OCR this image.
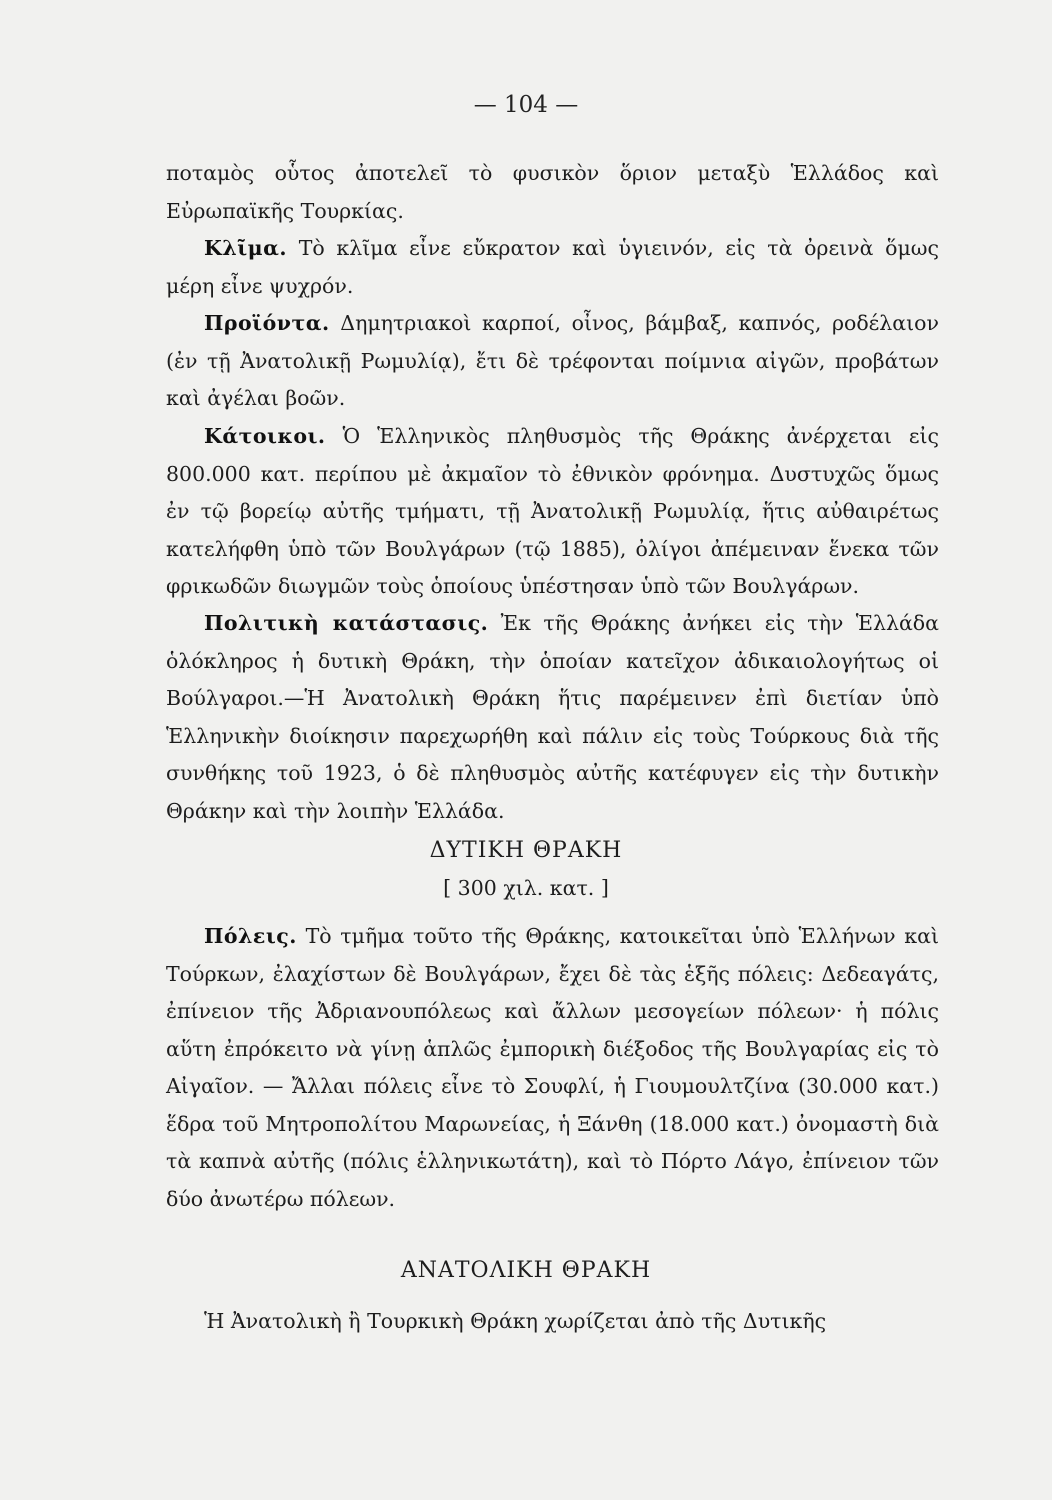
— 104 —

ποταμὸς οὗτος ἀποτελεῖ τὸ φυσικὸν ὅριον μεταξὺ Ἑλλάδος καὶ Εὐρωπαϊκῆς Τουρκίας.

Κλῖμα. Τὸ κλῖμα εἶνε εὔκρατον καὶ ὑγιεινόν, εἰς τὰ ὀρεινὰ ὅμως μέρη εἶνε ψυχρόν.

Προϊόντα. Δημητριακοὶ καρποί, οἶνος, βάμβαξ, καπνός, ροδέλαιον (ἐν τῇ Ἀνατολικῇ Ρωμυλίᾳ), ἔτι δὲ τρέφονται ποίμνια αἰγῶν, προβάτων καὶ ἀγέλαι βοῶν.

Κάτοικοι. Ὁ Ἑλληνικὸς πληθυσμὸς τῆς Θράκης ἀνέρχεται εἰς 800.000 κατ. περίπου μὲ ἀκμαῖον τὸ ἐθνικὸν φρόνημα. Δυστυχῶς ὅμως ἐν τῷ βορείῳ αὐτῆς τμήματι, τῇ Ἀνατολικῇ Ρωμυλίᾳ, ἥτις αὐθαιρέτως κατελήφθη ὑπὸ τῶν Βουλγάρων (τῷ 1885), ὀλίγοι ἀπέμειναν ἕνεκα τῶν φρικωδῶν διωγμῶν τοὺς ὁποίους ὑπέστησαν ὑπὸ τῶν Βουλγάρων.

Πολιτικὴ κατάστασις. Ἐκ τῆς Θράκης ἀνήκει εἰς τὴν Ἑλλάδα ὁλόκληρος ἡ δυτικὴ Θράκη, τὴν ὁποίαν κατεῖχον ἀδικαιολογήτως οἱ Βούλγαροι.—Ἡ Ἀνατολικὴ Θράκη ἥτις παρέμεινεν ἐπὶ διετίαν ὑπὸ Ἑλληνικὴν διοίκησιν παρεχωρήθη καὶ πάλιν εἰς τοὺς Τούρκους διὰ τῆς συνθήκης τοῦ 1923, ὁ δὲ πληθυσμὸς αὐτῆς κατέφυγεν εἰς τὴν δυτικὴν Θράκην καὶ τὴν λοιπὴν Ἑλλάδα.

ΔΥΤΙΚΗ ΘΡΑΚΗ
[ 300 χιλ. κατ. ]

Πόλεις. Τὸ τμῆμα τοῦτο τῆς Θράκης, κατοικεῖται ὑπὸ Ἑλλήνων καὶ Τούρκων, ἐλαχίστων δὲ Βουλγάρων, ἔχει δὲ τὰς ἑξῆς πόλεις: Δεδεαγάτς, ἐπίνειον τῆς Ἀδριανουπόλεως καὶ ἄλλων μεσογείων πόλεων· ἡ πόλις αὕτη ἐπρόκειτο νὰ γίνῃ ἁπλῶς ἐμπορικὴ διέξοδος τῆς Βουλγαρίας εἰς τὸ Αἰγαῖον. — Ἄλλαι πόλεις εἶνε τὸ Σουφλί, ἡ Γιουμουλτζίνα (30.000 κατ.) ἕδρα τοῦ Μητροπολίτου Μαρωνείας, ἡ Ξάνθη (18.000 κατ.) ὀνομαστὴ διὰ τὰ καπνὰ αὐτῆς (πόλις ἑλληνικωτάτη), καὶ τὸ Πόρτο Λάγο, ἐπίνειον τῶν δύο ἀνωτέρω πόλεων.

ΑΝΑΤΟΛΙΚΗ ΘΡΑΚΗ

Ἡ Ἀνατολικὴ ἢ Τουρκικὴ Θράκη χωρίζεται ἀπὸ τῆς Δυτικῆς
